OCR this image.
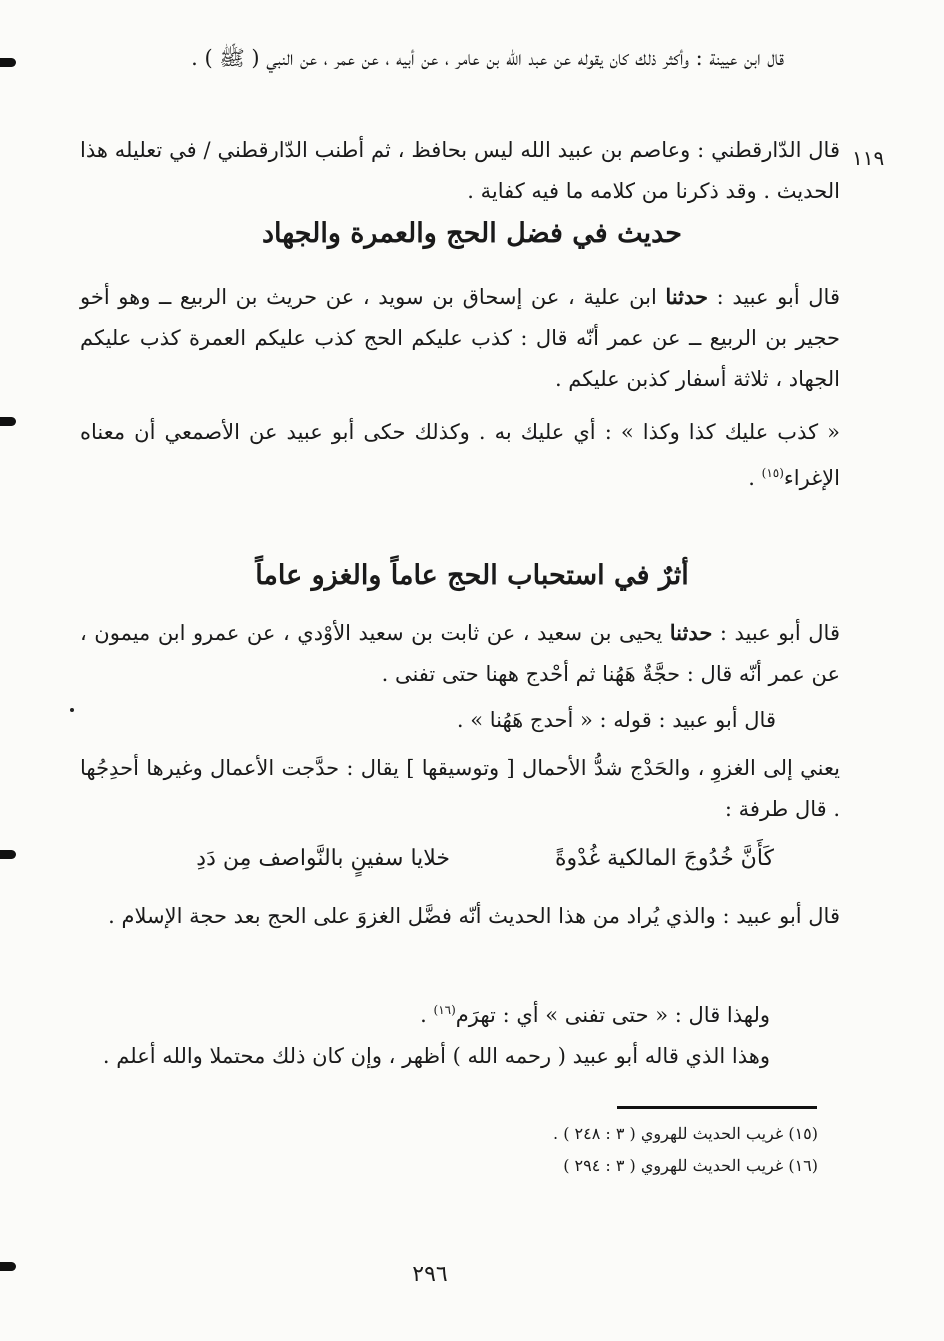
١١٩
قال ابن عيينة : وأكثر ذلك كان يقوله عن عبد الله بن عامر ، عن أبيه ، عن عمر ، عن النبي ( ﷺ ) .
قال الدّارقطني : وعاصم بن عبيد الله ليس بحافظ ، ثم أطنب الدّارقطني / في تعليله هذا الحديث . وقد ذكرنا من كلامه ما فيه كفاية .
حديث في فضل الحج والعمرة والجهاد
قال أبو عبيد : حدثنا ابن علية ، عن إسحاق بن سويد ، عن حريث بن الربيع ــ وهو أخو حجير بن الربيع ــ عن عمر أنّه قال : كذب عليكم الحج كذب عليكم العمرة كذب عليكم الجهاد ، ثلاثة أسفار كذبن عليكم .
« كذب عليك كذا وكذا » : أي عليك به . وكذلك حكى أبو عبيد عن الأصمعي أن معناه الإغراء$^{(١٥)}$ .
أثرٌ في استحباب الحج عاماً والغزو عاماً
قال أبو عبيد : حدثنا يحيى بن سعيد ، عن ثابت بن سعيد الأوْدي ، عن عمرو ابن ميمون ، عن عمر أنّه قال : حجَّةٌ هَهُنا ثم أحْدج ههنا حتى تفنى .
قال أبو عبيد : قوله : « أحدج هَهُنا » .
يعني إلى الغزوِ ، والحَدْج شدُّ الأحمال [ وتوسيقها ] يقال : حدَّجت الأعمال وغيرها أحدِجُها . قال طرفة :
كَأَنَّ خُدُوجَ المالكية غُدْوةً
خلايا سفينٍ بالنَّواصف مِن دَدِ
قال أبو عبيد : والذي يُراد من هذا الحديث أنّه فضَّل الغزوَ على الحج بعد حجة الإسلام .
ولهذا قال : « حتى تفنى » أي : تهرَم$^{(١٦)}$ .
وهذا الذي قاله أبو عبيد ( رحمه الله ) أظهر ، وإن كان ذلك محتملا والله أعلم .
(١٥) غريب الحديث للهروي ( ٣ : ٢٤٨ ) .
(١٦) غريب الحديث للهروي ( ٣ : ٢٩٤ )
٢٩٦
